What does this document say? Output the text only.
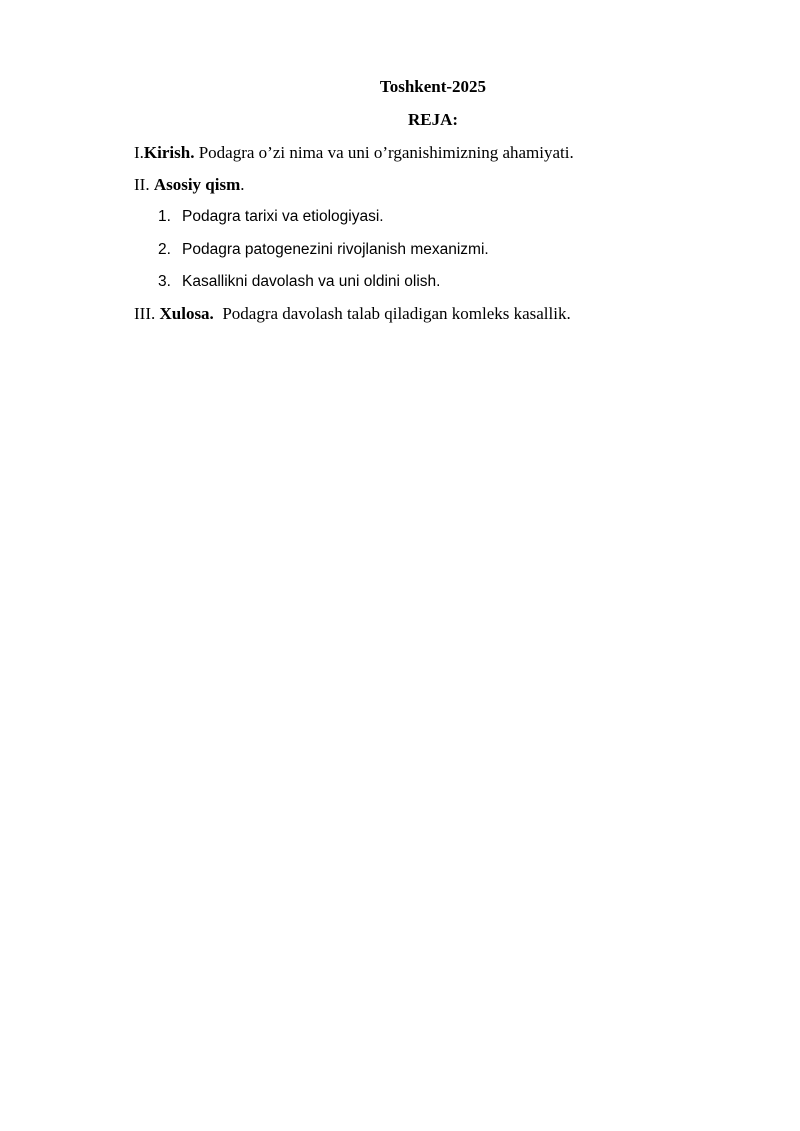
Toshkent-2025
REJA:
I.Kirish. Podagra o’zi nima va uni o’rganishimizning ahamiyati.
II. Asosiy qism.
1. Podagra tarixi va etiologiyasi.
2. Podagra patogenezini rivojlanish mexanizmi.
3. Kasallikni davolash va uni oldini olish.
III. Xulosa.  Podagra davolash talab qiladigan komleks kasallik.
